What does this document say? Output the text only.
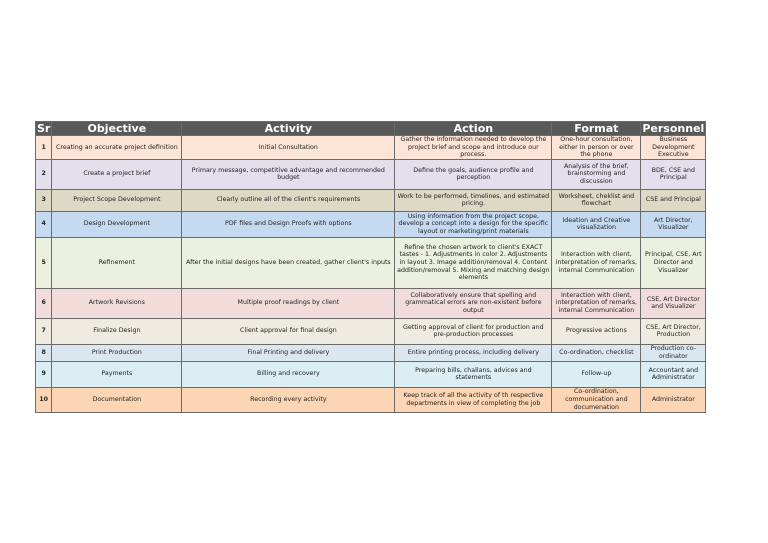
Sr	Objective	Activity	Action	Format	Personnel
1	Creating an accurate project definition	Initial Consultation	Gather the information needed to develop the project brief and scope and introduce our process.	One-hour consultation, either in person or over the phone	Business Development Executive
2	Create a project brief	Primary message, competitive advantage and recommended budget	Define the goals, audience profile and perception	Analysis of the brief, brainstorming and discussion	BDE, CSE and Principal
3	Project Scope Development	Clearly outline all of the client's requirements	Work to be performed, timelines, and estimated pricing.	Worksheet, cheklist and flowchart	CSE and Principal
4	Design Development	PDF files and Design Proofs with options	Using information from the project scope, develop a concept into a design for the specific layout or marketing/print materials	Ideation and Creative visualization	Art Director, Visualizer
5	Refinement	After the initial designs have been created, gather client's inputs	Refine the chosen artwork to client's EXACT tastes - 1. Adjustments in color 2. Adjustments in layout 3. Image addition/removal 4. Content addition/removal 5. Mixing and matching design elements	Interaction with client, interpretation of remarks, internal Communication	Principal, CSE, Art Director and Visualizer
6	Artwork Revisions	Multiple proof readings by client	Collaboratively ensure that spelling and grammatical errors are non-existent before output	Interaction with client, interpretation of remarks, internal Communication	CSE, Art Director and Visualizer
7	Finalize Design	Client approval for final design	Getting approval of client for production and pre-production processes	Progressive actions	CSE, Art Director, Production
8	Print Production	Final Printing and delivery	Entire printing process, including delivery	Co-ordination, checklist	Production co-ordinator
9	Payments	Billing and recovery	Preparing bills, challans, advices and statements	Follow-up	Accountant and Administrator
10	Documentation	Recording every activity	Keep track of all the activity of th respective departments in view of completing the job	Co-ordination, communication and documenation	Administrator
